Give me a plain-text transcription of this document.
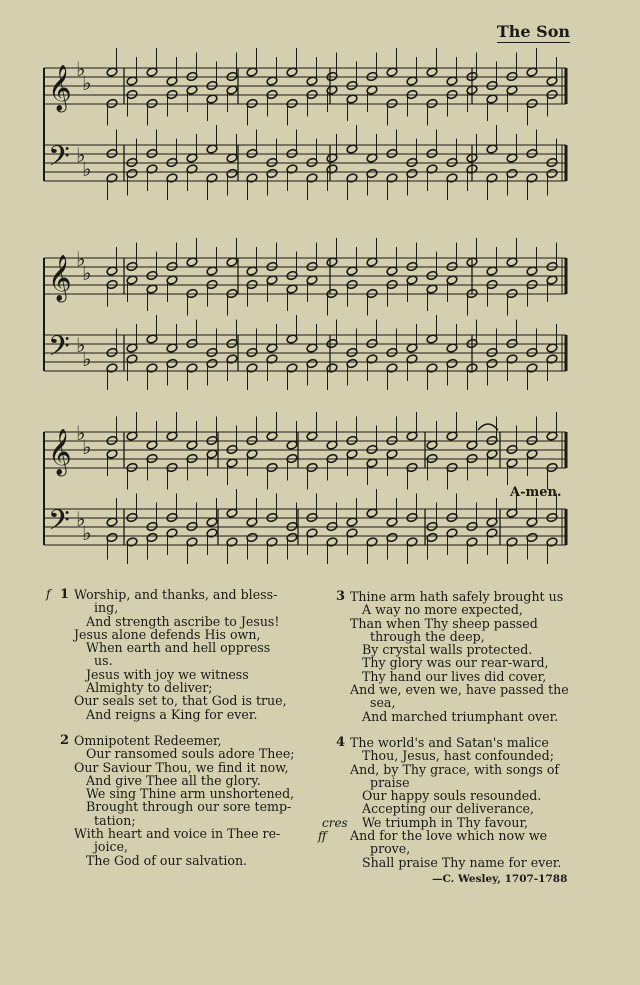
The Son
𝄞 ♭
♭
𝄢 ♭
♭
𝄞 ♭
♭
𝄢 ♭
♭
𝄞 ♭
♭
𝄢 ♭
♭
A-men.
f 1 Worship, and thanks, and bless-
ing,
And strength ascribe to Jesus!
Jesus alone defends His own,
When earth and hell oppress
us.
Jesus with joy we witness
Almighty to deliver;
Our seals set to, that God is true,
And reigns a King for ever.
2 Omnipotent Redeemer,
Our ransomed souls adore Thee;
Our Saviour Thou, we find it now,
And give Thee all the glory.
We sing Thine arm unshortened,
Brought through our sore temp-
tation;
With heart and voice in Thee re-
joice,
The God of our salvation.
3 Thine arm hath safely brought us
A way no more expected,
Than when Thy sheep passed
through the deep,
By crystal walls protected.
Thy glory was our rear-ward,
Thy hand our lives did cover,
And we, even we, have passed the
sea,
And marched triumphant over.
4
cres
ff
The world's and Satan's malice
Thou, Jesus, hast confounded;
And, by Thy grace, with songs of
praise
Our happy souls resounded.
Accepting our deliverance,
We triumph in Thy favour,
And for the love which now we
prove,
Shall praise Thy name for ever.
—C. Wesley, 1707-1788
